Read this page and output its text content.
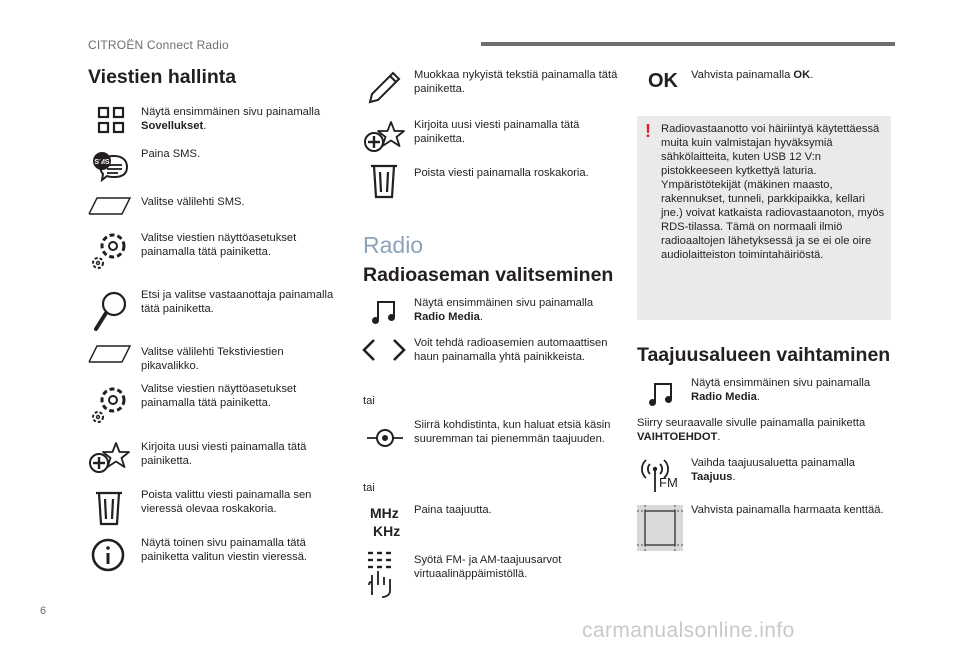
CITROËN Connect Radio
Viestien hallinta
Näytä ensimmäinen sivu painamalla Sovellukset.
SMS
Paina SMS.
Valitse välilehti SMS.
Valitse viestien näyttöasetukset painamalla tätä painiketta.
Etsi ja valitse vastaanottaja painamalla tätä painiketta.
Valitse välilehti Tekstiviestien pikavalikko.
Valitse viestien näyttöasetukset painamalla tätä painiketta.
Kirjoita uusi viesti painamalla tätä painiketta.
Poista valittu viesti painamalla sen vieressä olevaa roskakoria.
Näytä toinen sivu painamalla tätä painiketta valitun viestin vieressä.
Muokkaa nykyistä tekstiä painamalla tätä painiketta.
Kirjoita uusi viesti painamalla tätä painiketta.
Poista viesti painamalla roskakoria.
Radio
Radioaseman valitseminen
Näytä ensimmäinen sivu painamalla Radio Media.
Voit tehdä radioasemien automaattisen haun painamalla yhtä painikkeista.
tai
Siirrä kohdistinta, kun haluat etsiä käsin suuremman tai pienemmän taajuuden.
tai
MHz
KHz
Paina taajuutta.
Syötä FM- ja AM-taajuusarvot virtuaalinäppäimistöllä.
OK Vahvista painamalla OK.
! Radiovastaanotto voi häiriintyä käytettäessä muita kuin valmistajan hyväksymiä sähkölaitteita, kuten USB 12 V:n pistokkeeseen kytkettyä laturia. Ympäristötekijät (mäkinen maasto, rakennukset, tunneli, parkkipaikka, kellari jne.) voivat katkaista radiovastaanoton, myös RDS-tilassa. Tämä on normaali ilmiö radioaaltojen lähetyksessä ja se ei ole oire audiolaitteiston toimintahäiriöstä.
Taajuusalueen vaihtaminen
Näytä ensimmäinen sivu painamalla Radio Media.
Siirry seuraavalle sivulle painamalla painiketta VAIHTOEHDOT.
FM
Vaihda taajuusaluetta painamalla Taajuus.
Vahvista painamalla harmaata kenttää.
6
carmanualsonline.info
